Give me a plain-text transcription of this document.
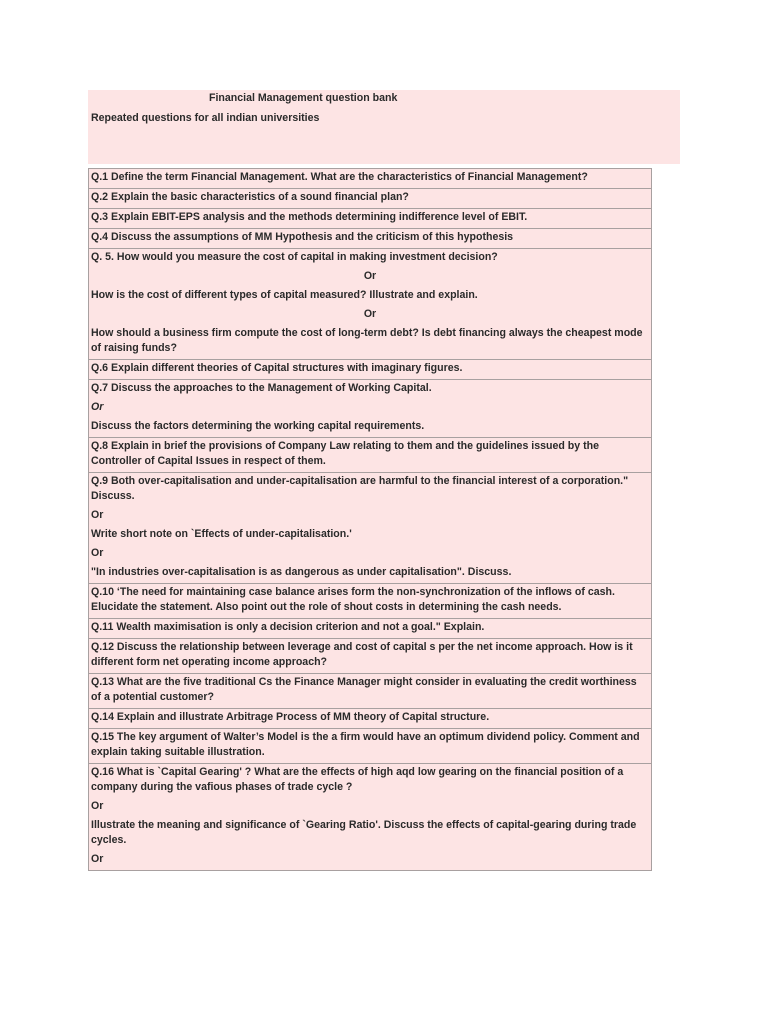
Financial Management question bank
Repeated questions for all indian universities
Q.1 Define the term Financial Management. What are the characteristics of Financial Management?

Q.2 Explain the basic characteristics of a sound financial plan?

Q.3 Explain EBIT-EPS analysis and the methods determining indifference level of EBIT.

Q.4 Discuss the assumptions of MM Hypothesis and the criticism of this hypothesis

Q. 5. How would you measure the cost of capital in making investment decision?
Or
How is the cost of different types of capital measured? Illustrate and explain.
Or
How should a business firm compute the cost of long-term debt? Is debt financing always the cheapest mode of raising funds?

Q.6 Explain different theories of Capital structures with imaginary figures.

Q.7 Discuss the approaches to the Management of Working Capital.
Or
Discuss the factors determining the working capital requirements.

Q.8 Explain in brief the provisions of Company Law relating to them and the guidelines issued by the Controller of Capital Issues in respect of them.

Q.9 Both over-capitalisation and under-capitalisation are harmful to the financial interest of a corporation." Discuss.
Or
Write short note on `Effects of under-capitalisation.'
Or
"In industries over-capitalisation is as dangerous as under capitalisation". Discuss.

Q.10 ‘The need for maintaining case balance arises form the non-synchronization of the inflows of cash. Elucidate the statement. Also point out the role of shout costs in determining the cash needs.

Q.11 Wealth maximisation is only a decision criterion and not a goal." Explain.

Q.12 Discuss the relationship between leverage and cost of capital s per the net income approach. How is it different form net operating income approach?

Q.13 What are the five traditional Cs the Finance Manager might consider in evaluating the credit worthiness of a potential customer?

Q.14 Explain and illustrate Arbitrage Process of MM theory of Capital structure.

Q.15 The key argument of Walter’s Model is the a firm would have an optimum dividend policy. Comment and explain taking suitable illustration.

Q.16 What is `Capital Gearing' ? What are the effects of high aqd low gearing on the financial position of a company during the vafious phases of trade cycle ?
Or
Illustrate the meaning and significance of `Gearing Ratio'. Discuss the effects of capital-gearing during trade cycles.
Or
